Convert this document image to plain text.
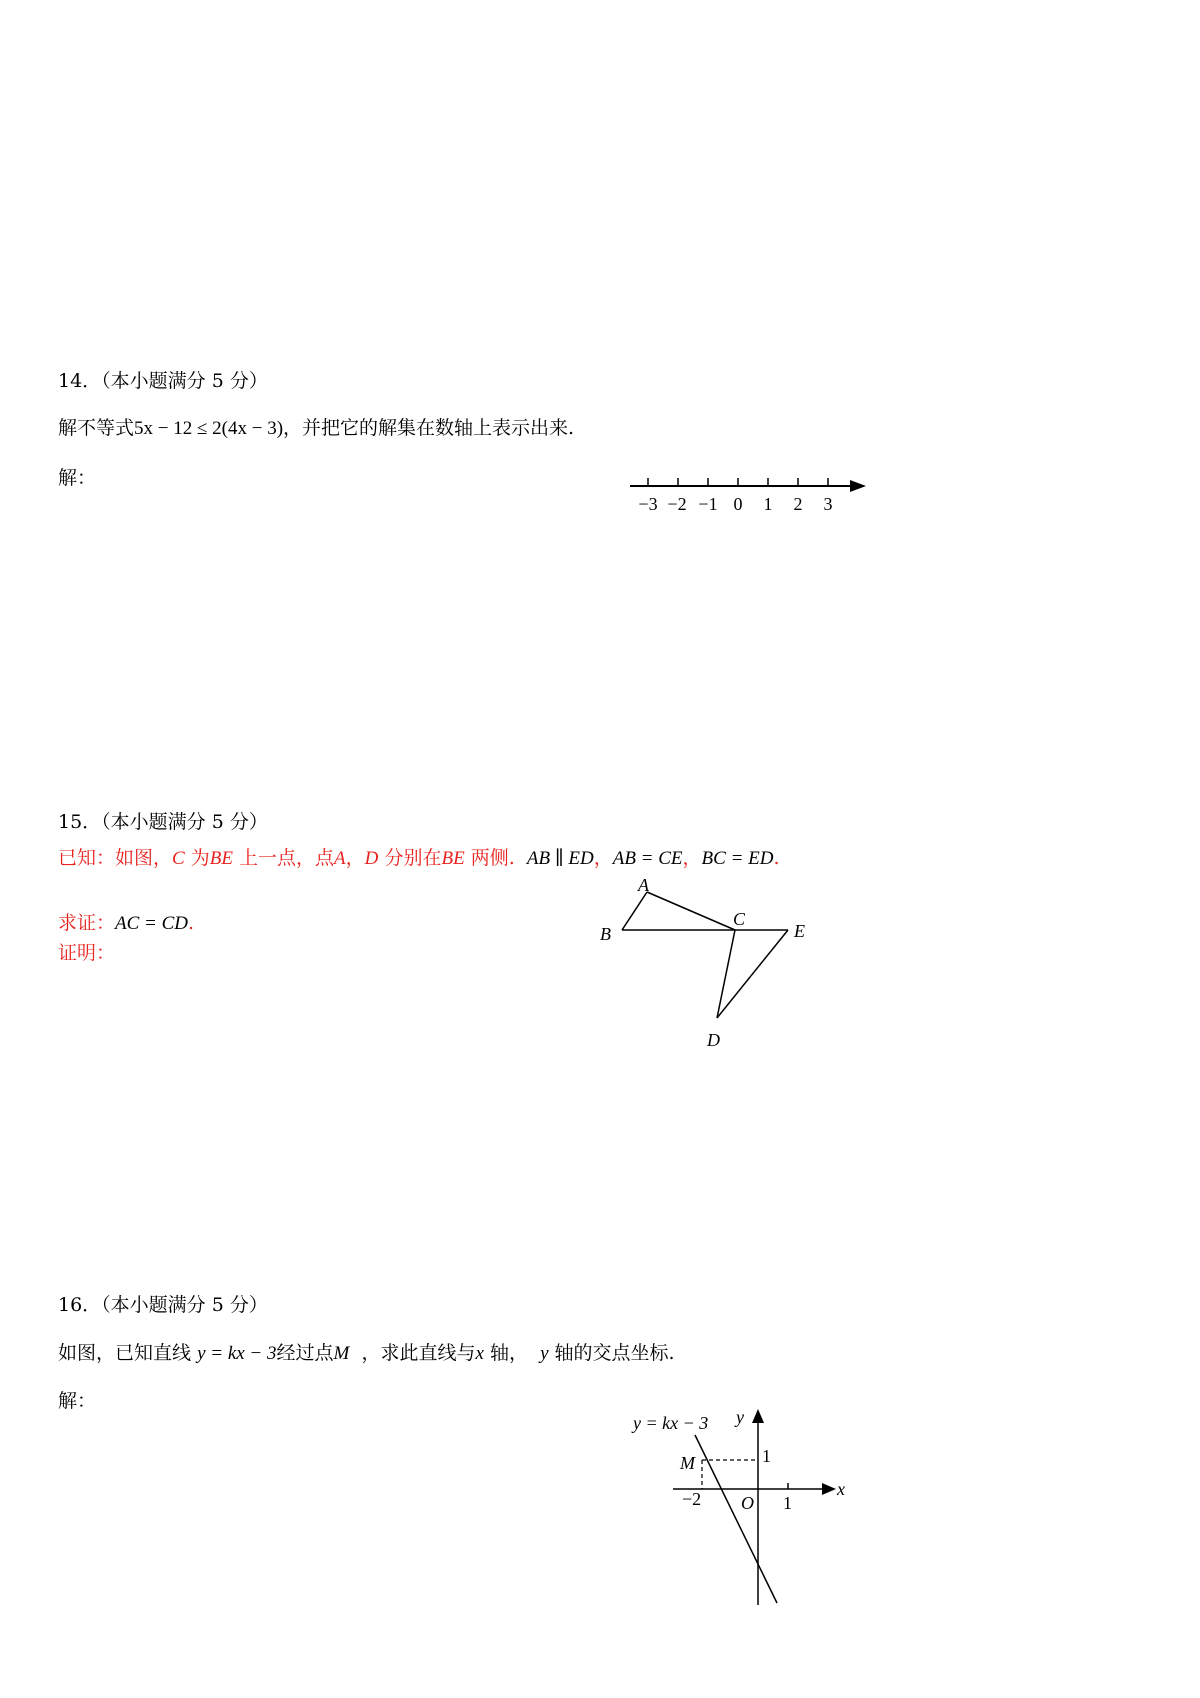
14．（本小题满分 5 分）
解不等式5x − 12 ≤ 2(4x − 3)，并把它的解集在数轴上表示出来.
解：
−3 −2 −1 0 1 2 3
15．（本小题满分 5 分）
已知：如图，C 为BE 上一点，点A，D 分别在BE 两侧. AB ∥ ED，AB = CE，BC = ED.
求证：AC = CD.
证明：
A
B
C
E
D
16．（本小题满分 5 分）
如图，已知直线 y = kx − 3经过点M ，求此直线与x 轴， y 轴的交点坐标.
解：
y = kx − 3 y
x
M
O
−2	1
1
